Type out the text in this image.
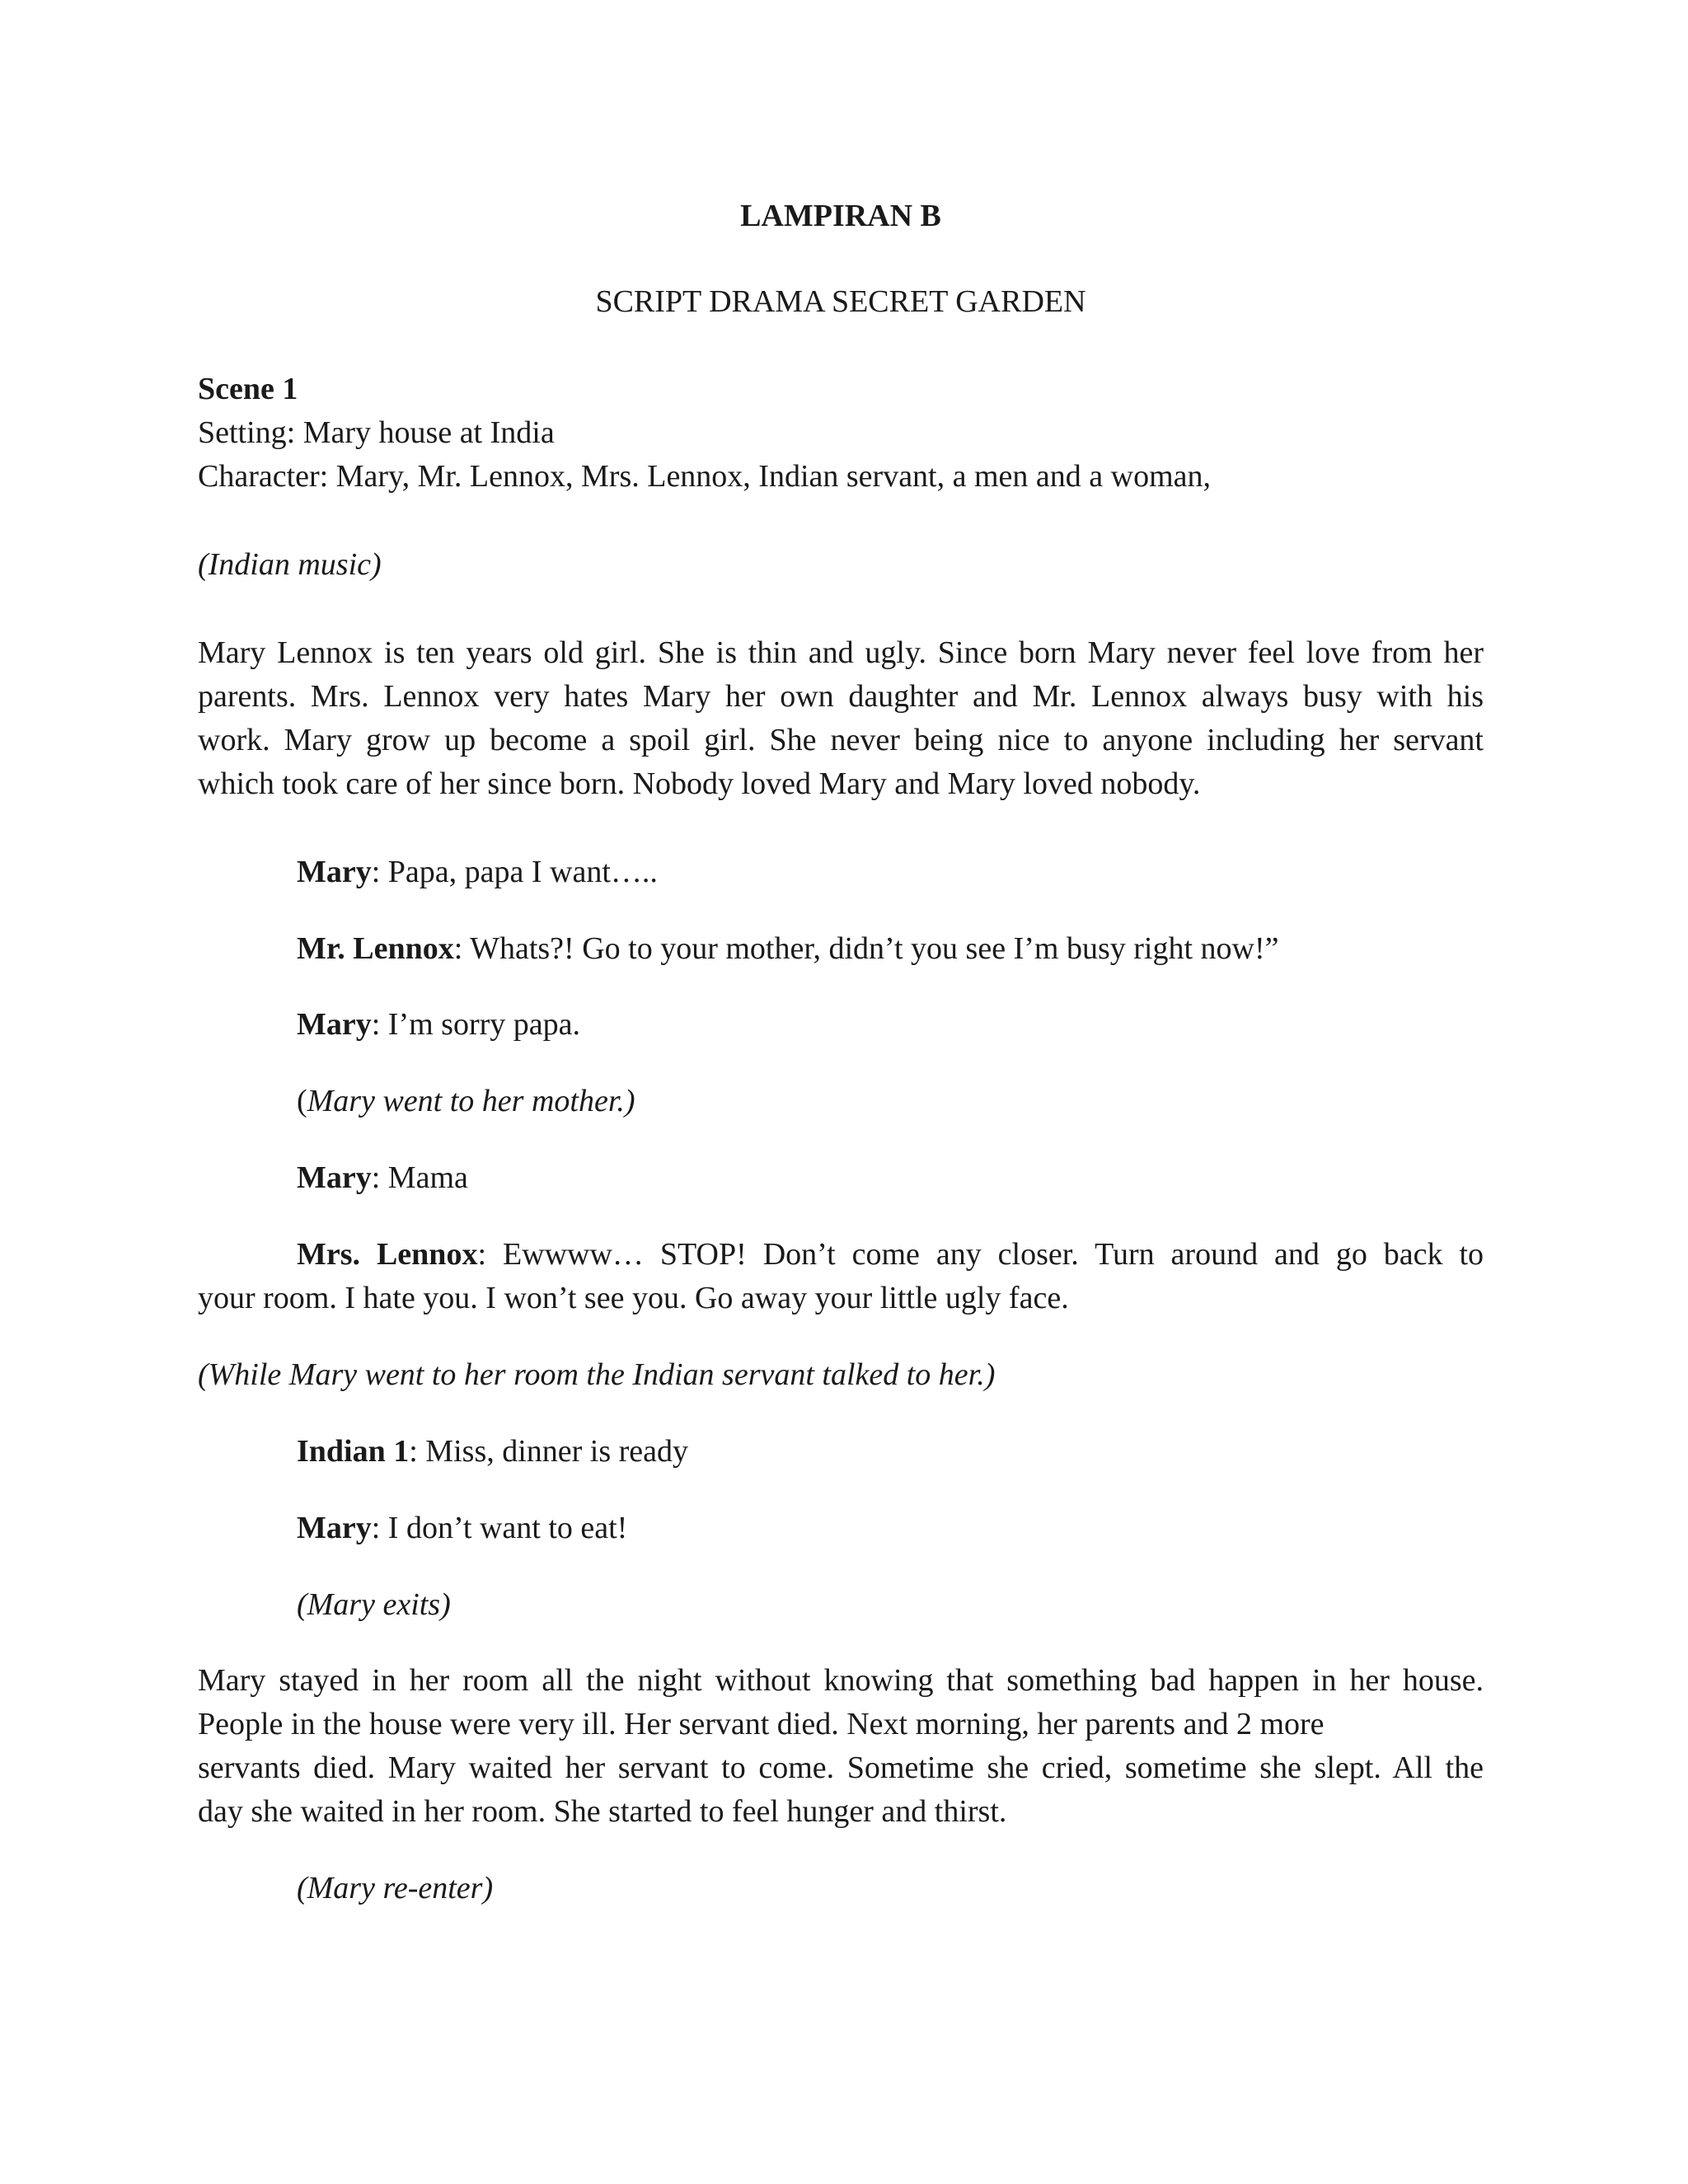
LAMPIRAN B
SCRIPT DRAMA SECRET GARDEN
Scene 1
Setting: Mary house at India
Character: Mary, Mr. Lennox, Mrs. Lennox, Indian servant, a men and a woman,
(Indian music)
Mary Lennox is ten years old girl. She is thin and ugly. Since born Mary never feel love from her
parents. Mrs. Lennox very hates Mary her own daughter and Mr. Lennox always busy with his
work. Mary grow up become a spoil girl. She never being nice to anyone including her servant
which took care of her since born. Nobody loved Mary and Mary loved nobody.
Mary: Papa, papa I want…..
Mr. Lennox: Whats?! Go to your mother, didn’t you see I’m busy right now!”
Mary: I’m sorry papa.
(Mary went to her mother.)
Mary: Mama
Mrs. Lennox: Ewwww… STOP! Don’t come any closer. Turn around and go back to
your room. I hate you. I won’t see you. Go away your little ugly face.
(While Mary went to her room the Indian servant talked to her.)
Indian 1: Miss, dinner is ready
Mary: I don’t want to eat!
(Mary exits)
Mary stayed in her room all the night without knowing that something bad happen in her house.
People in the house were very ill. Her servant died. Next morning, her parents and 2 more
servants died. Mary waited her servant to come. Sometime she cried, sometime she slept. All the
day she waited in her room. She started to feel hunger and thirst.
(Mary re-enter)
